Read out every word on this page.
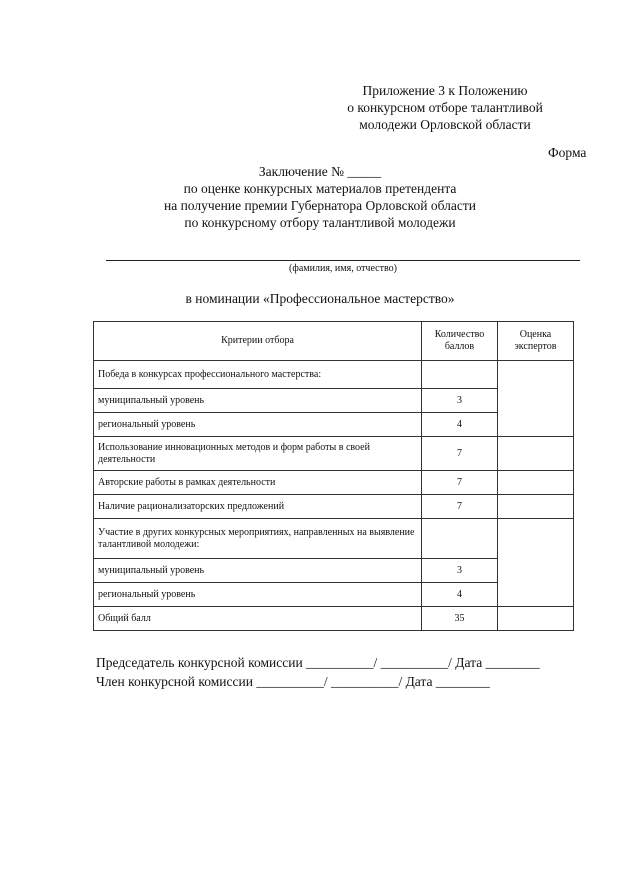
Приложение 3 к Положению
о конкурсном отборе талантливой
молодежи Орловской области
Форма
Заключение № _____
по оценке конкурсных материалов претендента
на получение премии Губернатора Орловской области
по конкурсному отбору талантливой молодежи
(фамилия, имя, отчество)
в номинации «Профессиональное мастерство»
Критерии отбора	Количество баллов	Оценка экспертов
Победа в конкурсах профессионального мастерства:		
муниципальный уровень	3	
региональный уровень	4	
Использование инновационных методов и форм работы в своей деятельности	7	
Авторские работы в рамках деятельности	7	
Наличие рационализаторских предложений	7	
Участие в других конкурсных мероприятиях, направленных на выявление талантливой молодежи:		
муниципальный уровень	3	
региональный уровень	4	
Общий балл	35	
Председатель конкурсной комиссии __________/ __________/ Дата ________
Член конкурсной комиссии __________/ __________/ Дата ________
